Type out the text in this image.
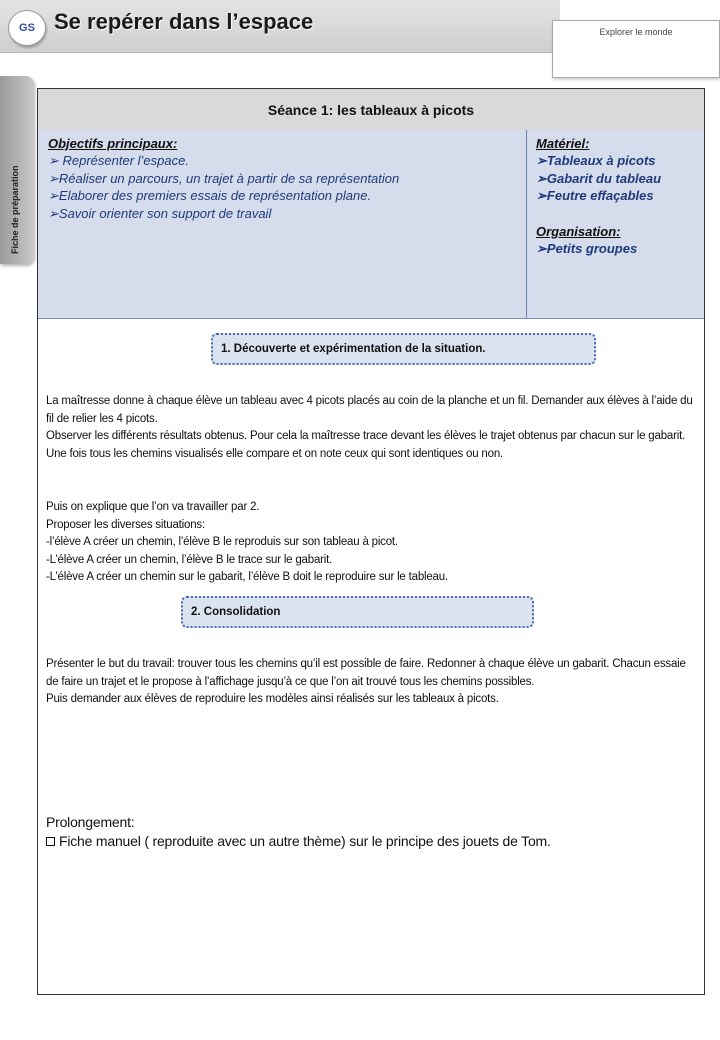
GS Se repérer dans l’espace	Explorer le monde
Fiche de préparation
Séance 1: les tableaux à picots
Objectifs principaux:
➢ Représenter l’espace.
➢Réaliser un parcours, un trajet à partir de sa représentation
➢Elaborer des premiers essais de représentation plane.
➢Savoir orienter son support de travail
Matériel:
➢Tableaux à picots
➢Gabarit du tableau
➢Feutre effaçables
Organisation:
➢Petits groupes
1. Découverte et expérimentation de la situation.

La maîtresse donne à chaque élève un tableau avec 4 picots placés au coin de la planche et un fil. Demander aux élèves à l’aide du fil de relier les 4 picots.

Observer les différents résultats obtenus. Pour cela la maîtresse trace devant les élèves le trajet obtenus par chacun sur le gabarit. Une fois tous les chemins visualisés elle compare et on note ceux qui sont identiques ou non.

Puis on explique que l’on va travailler par 2.

Proposer les diverses situations:

-l’élève A créer un chemin, l’élève B le reproduis sur son tableau à picot.

-L’élève A créer un chemin, l’élève B le trace sur le gabarit.

-L’élève A créer un chemin sur le gabarit, l’élève B doit le reproduire sur le tableau.

2. Consolidation

Présenter le but du travail: trouver tous les chemins qu’il est possible de faire. Redonner à chaque élève un gabarit. Chacun essaie de faire un trajet et le propose à l’affichage jusqu’à ce que l’on ait trouvé tous les chemins possibles.

Puis demander aux élèves de reproduire les modèles ainsi réalisés sur les tableaux à picots.

Prolongement:
Fiche manuel ( reproduite avec un autre thème) sur le principe des jouets de Tom.
